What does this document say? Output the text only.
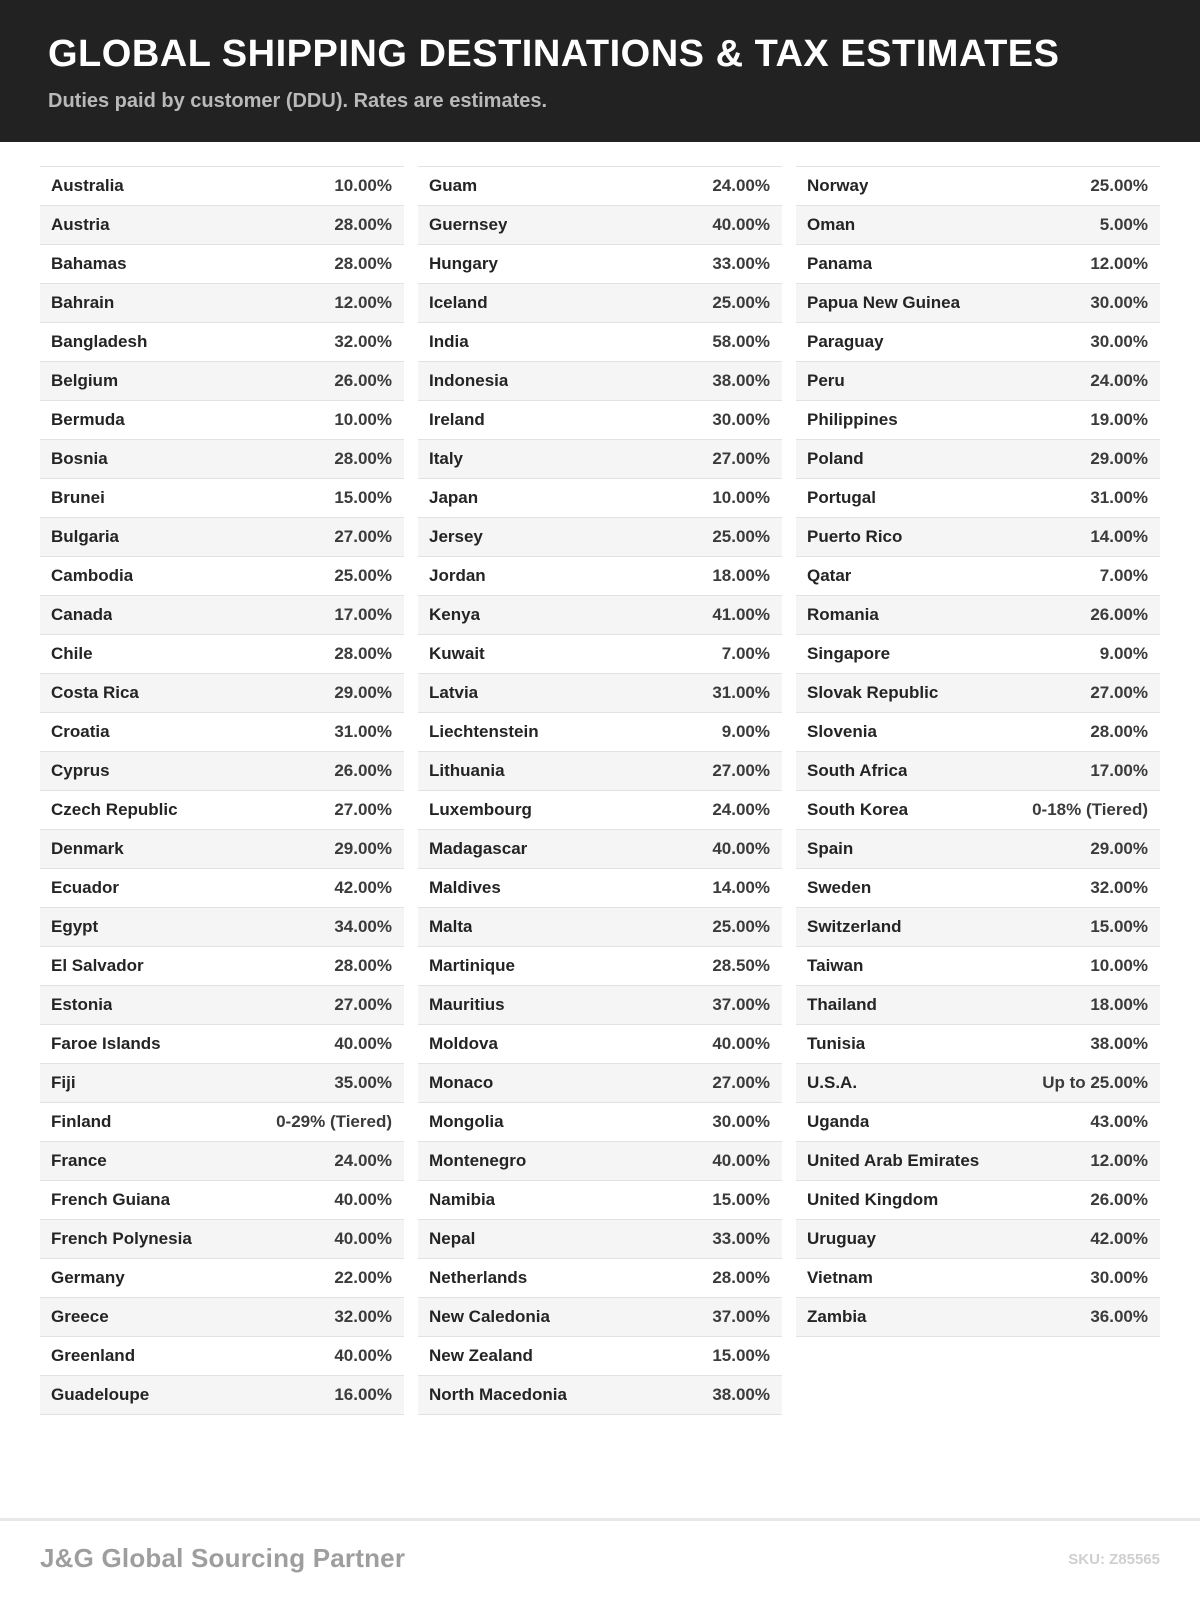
GLOBAL SHIPPING DESTINATIONS & TAX ESTIMATES

Duties paid by customer (DDU). Rates are estimates.

Australia	10.00%
Austria	28.00%
Bahamas	28.00%
Bahrain	12.00%
Bangladesh	32.00%
Belgium	26.00%
Bermuda	10.00%
Bosnia	28.00%
Brunei	15.00%
Bulgaria	27.00%
Cambodia	25.00%
Canada	17.00%
Chile	28.00%
Costa Rica	29.00%
Croatia	31.00%
Cyprus	26.00%
Czech Republic	27.00%
Denmark	29.00%
Ecuador	42.00%
Egypt	34.00%
El Salvador	28.00%
Estonia	27.00%
Faroe Islands	40.00%
Fiji	35.00%
Finland	0-29% (Tiered)
France	24.00%
French Guiana	40.00%
French Polynesia	40.00%
Germany	22.00%
Greece	32.00%
Greenland	40.00%
Guadeloupe	16.00%
Guam	24.00%
Guernsey	40.00%
Hungary	33.00%
Iceland	25.00%
India	58.00%
Indonesia	38.00%
Ireland	30.00%
Italy	27.00%
Japan	10.00%
Jersey	25.00%
Jordan	18.00%
Kenya	41.00%
Kuwait	7.00%
Latvia	31.00%
Liechtenstein	9.00%
Lithuania	27.00%
Luxembourg	24.00%
Madagascar	40.00%
Maldives	14.00%
Malta	25.00%
Martinique	28.50%
Mauritius	37.00%
Moldova	40.00%
Monaco	27.00%
Mongolia	30.00%
Montenegro	40.00%
Namibia	15.00%
Nepal	33.00%
Netherlands	28.00%
New Caledonia	37.00%
New Zealand	15.00%
North Macedonia	38.00%
Norway	25.00%
Oman	5.00%
Panama	12.00%
Papua New Guinea	30.00%
Paraguay	30.00%
Peru	24.00%
Philippines	19.00%
Poland	29.00%
Portugal	31.00%
Puerto Rico	14.00%
Qatar	7.00%
Romania	26.00%
Singapore	9.00%
Slovak Republic	27.00%
Slovenia	28.00%
South Africa	17.00%
South Korea	0-18% (Tiered)
Spain	29.00%
Sweden	32.00%
Switzerland	15.00%
Taiwan	10.00%
Thailand	18.00%
Tunisia	38.00%
U.S.A.	Up to 25.00%
Uganda	43.00%
United Arab Emirates	12.00%
United Kingdom	26.00%
Uruguay	42.00%
Vietnam	30.00%
Zambia	36.00%
J&G Global Sourcing Partner	SKU: Z85565
